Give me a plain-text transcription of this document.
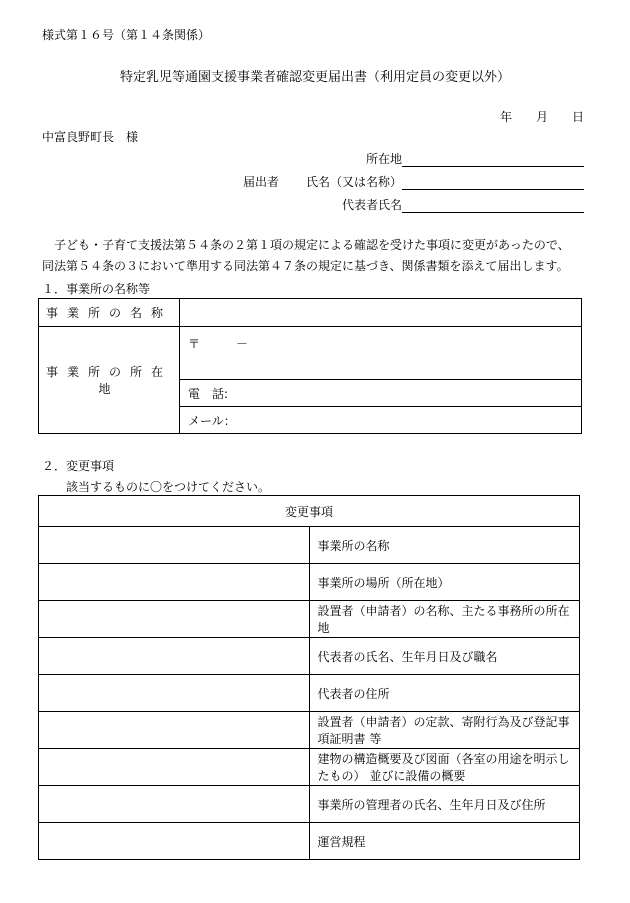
様式第１６号（第１４条関係）
特定乳児等通園支援事業者確認変更届出書（利用定員の変更以外）
年	月	日
中富良野町長　様
所在地
届出者 氏名（又は名称）
代表者氏名

子ども・子育て支援法第５４条の２第１項の規定による確認を受けた事項に変更があったので、

同法第５４条の３において準用する同法第４７条の規定に基づき、関係書類を添えて届出します。

１．事業所の名称等
事業所の名称	
事業所の所在地	〒　　　－
	電　話:
	メール：
２．変更事項
該当するものに〇をつけてください。
変更事項	
	事業所の名称
	事業所の場所（所在地）
	設置者（申請者）の名称、主たる事務所の所在地
	代表者の氏名、生年月日及び職名
	代表者の住所
	設置者（申請者）の定款、寄附行為及び登記事項証明書 等
	建物の構造概要及び図面（各室の用途を明示したもの） 並びに設備の概要
	事業所の管理者の氏名、生年月日及び住所
	運営規程
